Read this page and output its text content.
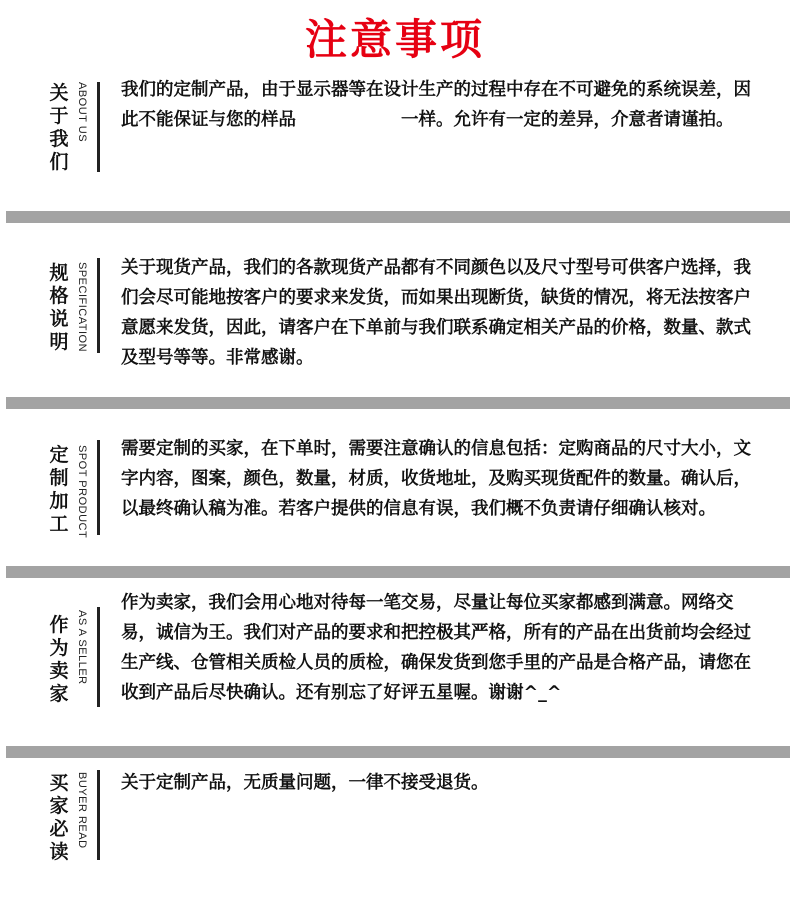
注意事项
关
于
我
们
ABOUT US 我们的定制产品，由于显示器等在设计生产的过程中存在不可避免的系统误差，因此不能保证与您的样品　　　　　　一样。允许有一定的差异，介意者请谨拍。
规
格
说
明 SPECIFICATION 关于现货产品，我们的各款现货产品都有不同颜色以及尺寸型号可供客户选择，我们会尽可能地按客户的要求来发货，而如果出现断货，缺货的情况，将无法按客户意愿来发货，因此，请客户在下单前与我们联系确定相关产品的价格，数量、款式及型号等等。非常感谢。
定
制
加
工 SPOT PRODUCT 需要定制的买家，在下单时，需要注意确认的信息包括：定购商品的尺寸大小，文字内容，图案，颜色，数量，材质，收货地址，及购买现货配件的数量。确认后，以最终确认稿为准。若客户提供的信息有误，我们概不负责请仔细确认核对。
作
为
卖
家
AS A SELLER
作为卖家，我们会用心地对待每一笔交易，尽量让每位买家都感到满意。网络交易，诚信为王。我们对产品的要求和把控极其严格，所有的产品在出货前均会经过生产线、仓管相关质检人员的质检，确保发货到您手里的产品是合格产品，请您在收到产品后尽快确认。还有别忘了好评五星喔。谢谢^_^
买
家
必
读
BUYER READ 关于定制产品，无质量问题，一律不接受退货。
